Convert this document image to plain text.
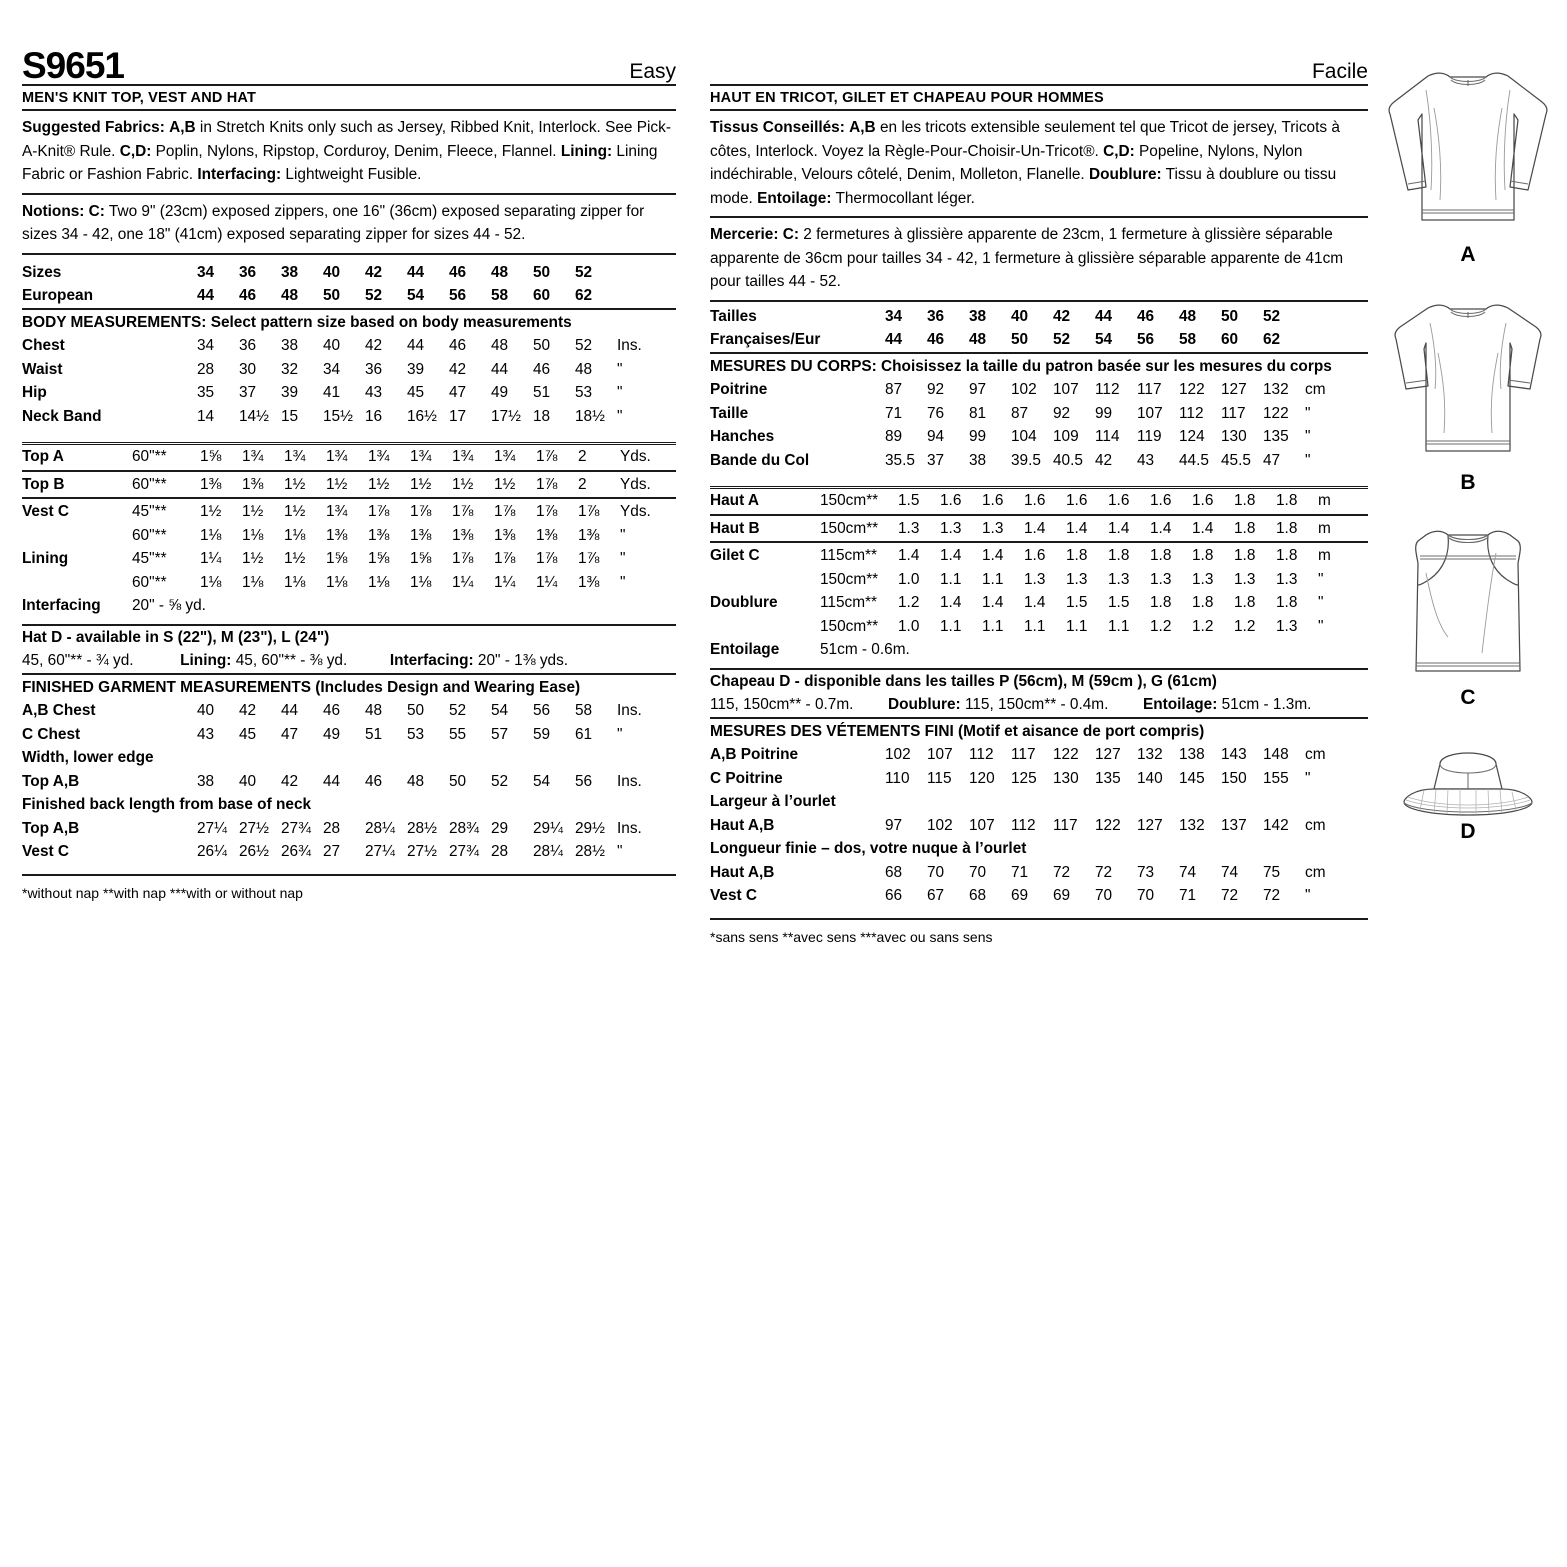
S9651	Easy
MEN'S KNIT TOP, VEST AND HAT
Suggested Fabrics: A,B in Stretch Knits only such as Jersey, Ribbed Knit, Interlock. See Pick-A-Knit® Rule. C,D: Poplin, Nylons, Ripstop, Corduroy, Denim, Fleece, Flannel. Lining: Lining Fabric or Fashion Fabric. Interfacing: Lightweight Fusible.
Notions: C: Two 9" (23cm) exposed zippers, one 16" (36cm) exposed separating zipper for sizes 34 - 42, one 18" (41cm) exposed separating zipper for sizes 44 - 52.
Sizes	34	36	38	40	42	44	46	48	50	52	
European	44	46	48	50	52	54	56	58	60	62	
BODY MEASUREMENTS: Select pattern size based on body measurements
Chest	34	36	38	40	42	44	46	48	50	52	Ins.
Waist	28	30	32	34	36	39	42	44	46	48	"
Hip	35	37	39	41	43	45	47	49	51	53	"
Neck Band	14	14½	15	15½	16	16½	17	17½	18	18½	"
Top A	60"**	1⅝	1¾	1¾	1¾	1¾	1¾	1¾	1¾	1⅞	2	Yds.

Top B	60"**	1⅜	1⅜	1½	1½	1½	1½	1½	1½	1⅞	2	Yds.

Vest C	45"**	1½	1½	1½	1¾	1⅞	1⅞	1⅞	1⅞	1⅞	1⅞	Yds.
	60"**	1⅛	1⅛	1⅛	1⅜	1⅜	1⅜	1⅜	1⅜	1⅜	1⅜	"
Lining	45"**	1¼	1½	1½	1⅝	1⅝	1⅝	1⅞	1⅞	1⅞	1⅞	"
	60"**	1⅛	1⅛	1⅛	1⅛	1⅛	1⅛	1¼	1¼	1¼	1⅜	"
Interfacing	20" - ⅝ yd.
Hat D - available in S (22"), M (23"), L (24")
45, 60"** - ¾ yd.	Lining: 45, 60"** - ⅜ yd.	Interfacing: 20" - 1⅜ yds.
FINISHED GARMENT MEASUREMENTS (Includes Design and Wearing Ease)
A,B Chest	40	42	44	46	48	50	52	54	56	58	Ins.
C Chest	43	45	47	49	51	53	55	57	59	61	"
Width, lower edge
Top A,B	38	40	42	44	46	48	50	52	54	56	Ins.
Finished back length from base of neck
Top A,B	27¼	27½	27¾	28	28¼	28½	28¾	29	29¼	29½	Ins.
Vest C	26¼	26½	26¾	27	27¼	27½	27¾	28	28¼	28½	"
*without nap **with nap ***with or without nap
Facile
HAUT EN TRICOT, GILET ET CHAPEAU POUR HOMMES
Tissus Conseillés: A,B en les tricots extensible seulement tel que Tricot de jersey, Tricots à côtes, Interlock. Voyez la Règle-Pour-Choisir-Un-Tricot®. C,D: Popeline, Nylons, Nylon indéchirable, Velours côtelé, Denim, Molleton, Flanelle. Doublure: Tissu à doublure ou tissu mode. Entoilage: Thermocollant léger.
Mercerie: C: 2 fermetures à glissière apparente de 23cm, 1 fermeture à glissière séparable apparente de 36cm pour tailles 34 - 42, 1 fermeture à glissière séparable apparente de 41cm pour tailles 44 - 52.
Tailles	34	36	38	40	42	44	46	48	50	52	
Françaises/Eur	44	46	48	50	52	54	56	58	60	62	
MESURES DU CORPS: Choisissez la taille du patron basée sur les mesures du corps
Poitrine	87	92	97	102	107	112	117	122	127	132	cm
Taille	71	76	81	87	92	99	107	112	117	122	"
Hanches	89	94	99	104	109	114	119	124	130	135	"
Bande du Col	35.5	37	38	39.5	40.5	42	43	44.5	45.5	47	"
Haut A	150cm**	1.5	1.6	1.6	1.6	1.6	1.6	1.6	1.6	1.8	1.8	m

Haut B	150cm**	1.3	1.3	1.3	1.4	1.4	1.4	1.4	1.4	1.8	1.8	m

Gilet C	115cm**	1.4	1.4	1.4	1.6	1.8	1.8	1.8	1.8	1.8	1.8	m
	150cm**	1.0	1.1	1.1	1.3	1.3	1.3	1.3	1.3	1.3	1.3	"
Doublure	115cm**	1.2	1.4	1.4	1.4	1.5	1.5	1.8	1.8	1.8	1.8	"
	150cm**	1.0	1.1	1.1	1.1	1.1	1.1	1.2	1.2	1.2	1.3	"
Entoilage	51cm - 0.6m.
Chapeau D - disponible dans les tailles P (56cm), M (59cm ), G (61cm)
115, 150cm** - 0.7m. Doublure: 115, 150cm** - 0.4m. Entoilage: 51cm - 1.3m.
MESURES DES VÉTEMENTS FINI (Motif et aisance de port compris)
A,B Poitrine	102	107	112	117	122	127	132	138	143	148	cm
C Poitrine	110	115	120	125	130	135	140	145	150	155	"
Largeur à l’ourlet
Haut A,B	97	102	107	112	117	122	127	132	137	142	cm
Longueur finie – dos, votre nuque à l’ourlet
Haut A,B	68	70	70	71	72	72	73	74	74	75	cm
Vest C	66	67	68	69	69	70	70	71	72	72	"
*sans sens **avec sens ***avec ou sans sens
A
B
C
D
